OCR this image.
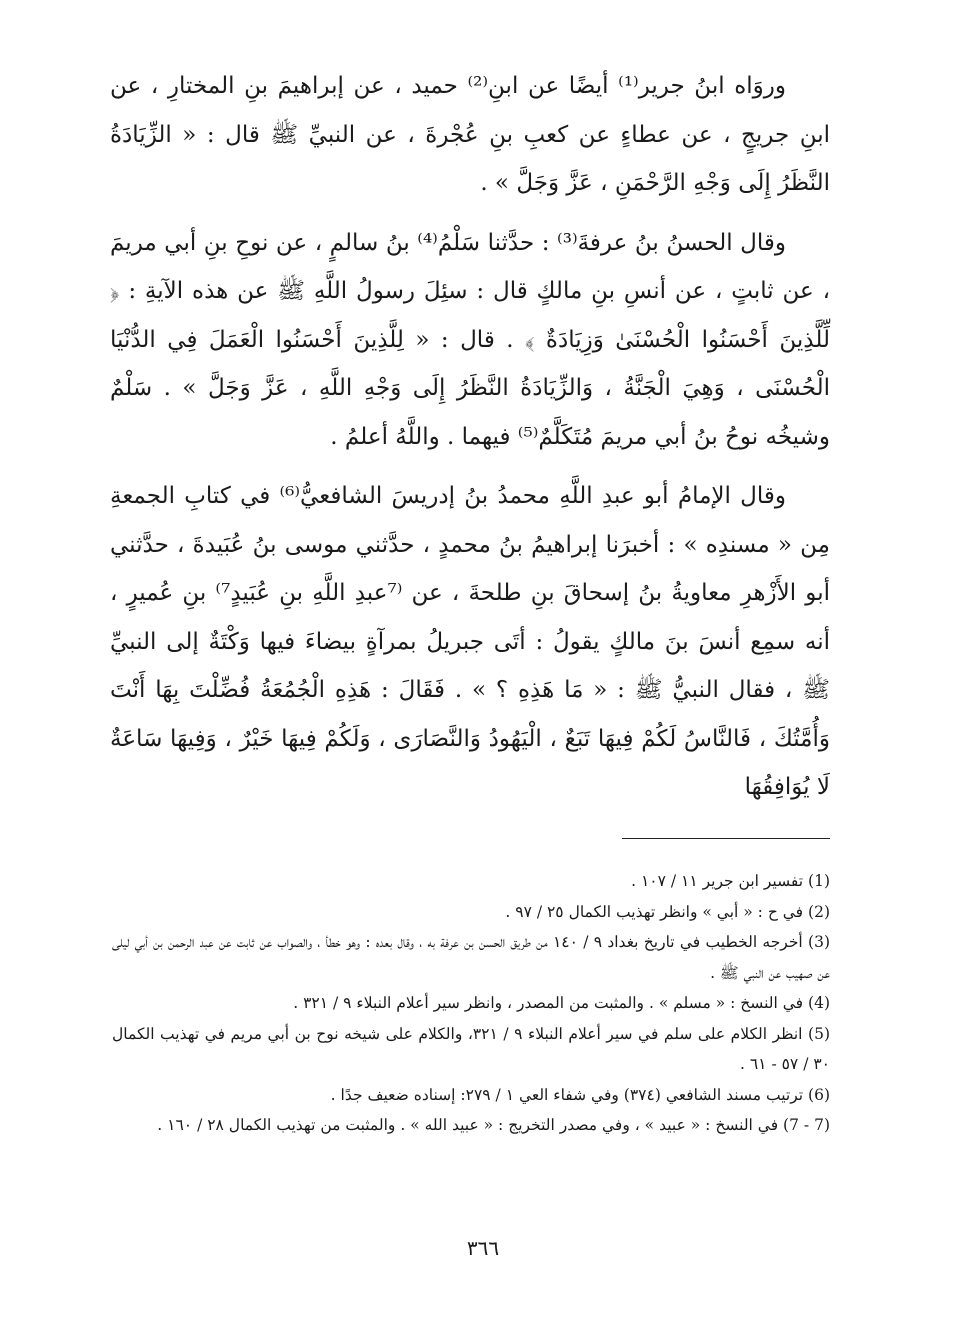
وروَاه ابنُ جرير⁽¹⁾ أيضًا عن ابنِ⁽²⁾ حميد ، عن إبراهيمَ بنِ المختارِ ، عن ابنِ جريجٍ ، عن عطاءٍ عن كعبِ بنِ عُجْرةَ ، عن النبيِّ ﷺ قال : « الزِّيَادَةُ النَّظَرُ إِلَى وَجْهِ الرَّحْمَنِ ، عَزَّ وَجَلَّ » .

وقال الحسنُ بنُ عرفةَ⁽³⁾ : حدَّثنا سَلْمُ⁽⁴⁾ بنُ سالمٍ ، عن نوحِ بنِ أبي مريمَ ، عن ثابتٍ ، عن أنسِ بنِ مالكٍ قال : سئِلَ رسولُ اللَّهِ ﷺ عن هذه الآيةِ : ﴿ لِّلَّذِينَ أَحْسَنُوا الْحُسْنَىٰ وَزِيَادَةٌ ﴾ . قال : « لِلَّذِينَ أَحْسَنُوا الْعَمَلَ فِي الدُّنْيَا الْحُسْنَى ، وَهِيَ الْجَنَّةُ ، وَالزِّيَادَةُ النَّظَرُ إِلَى وَجْهِ اللَّهِ ، عَزَّ وَجَلَّ » . سَلْمٌ وشيخُه نوحُ بنُ أبي مريمَ مُتَكَلَّمٌ⁽⁵⁾ فيهما . واللَّهُ أعلمُ .

وقال الإمامُ أبو عبدِ اللَّهِ محمدُ بنُ إدريسَ الشافعيُّ⁽⁶⁾ في كتابِ الجمعةِ مِن « مسندِه » : أخبرَنا إبراهيمُ بنُ محمدٍ ، حدَّثني موسى بنُ عُبَيدةَ ، حدَّثني أبو الأَزْهرِ معاويةُ بنُ إسحاقَ بنِ طلحةَ ، عن ⁽⁷عبدِ اللَّهِ بنِ عُبَيدٍ⁷⁾ بنِ عُميرٍ ، أنه سمِع أنسَ بنَ مالكٍ يقولُ : أتَى جبريلُ بمرآةٍ بيضاءَ فيها وَكْتَةٌ إلى النبيِّ ﷺ ، فقال النبيُّ ﷺ : « مَا هَذِهِ ؟ » . فَقَالَ : هَذِهِ الْجُمُعَةُ فُضِّلْتَ بِهَا أَنْتَ وَأُمَّتُكَ ، فَالنَّاسُ لَكُمْ فِيهَا تَبَعٌ ، الْيَهُودُ وَالنَّصَارَى ، وَلَكُمْ فِيهَا خَيْرٌ ، وَفِيهَا سَاعَةٌ لَا يُوَافِقُهَا

(1) تفسير ابن جرير ١١ / ١٠٧ .

(2) في ح : « أبي » وانظر تهذيب الكمال ٢٥ / ٩٧ .

(3) أخرجه الخطيب في تاريخ بغداد ٩ / ١٤٠ من طريق الحسن بن عرفة به ، وقال بعده : وهو خطأ ، والصواب عن ثابت عن عبد الرحمن بن أبي ليلى عن صهيب عن النبي ﷺ .

(4) في النسخ : « مسلم » . والمثبت من المصدر ، وانظر سير أعلام النبلاء ٩ / ٣٢١ .

(5) انظر الكلام على سلم في سير أعلام النبلاء ٩ / ٣٢١، والكلام على شيخه نوح بن أبي مريم في تهذيب الكمال ٣٠ / ٥٧ - ٦١ .

(6) ترتيب مسند الشافعي (٣٧٤) وفي شفاء العي ١ / ٢٧٩: إسناده ضعيف جدًا .

(7 - 7) في النسخ : « عبيد » ، وفي مصدر التخريج : « عبيد الله » . والمثبت من تهذيب الكمال ٢٨ / ١٦٠ .

٣٦٦
